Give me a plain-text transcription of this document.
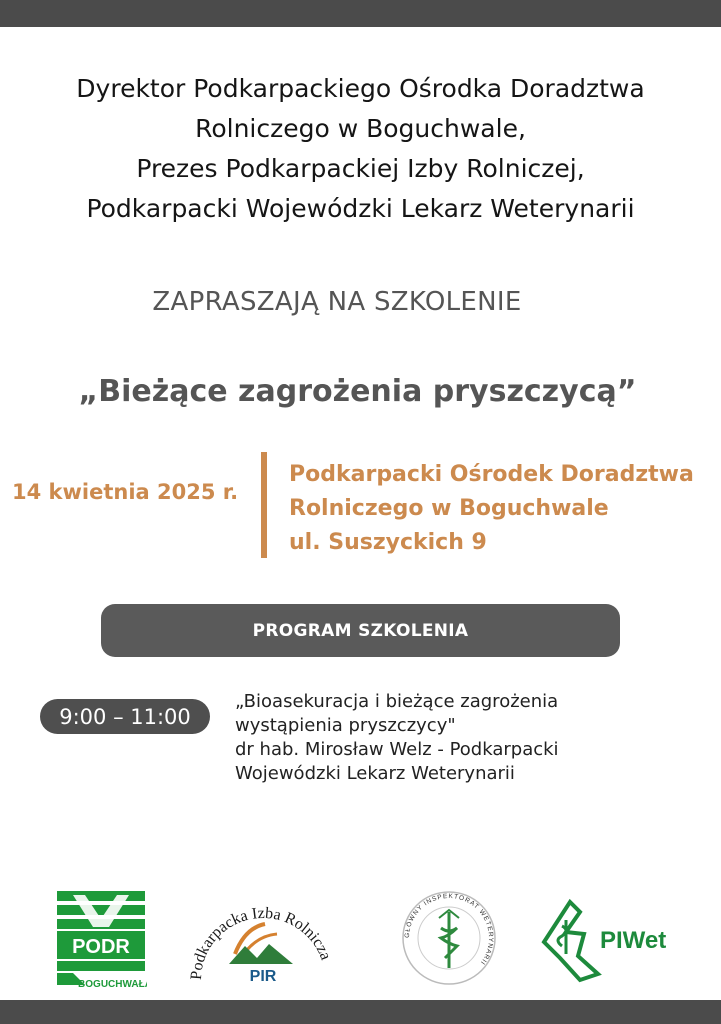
Dyrektor Podkarpackiego Ośrodka Doradztwa
Rolniczego w Boguchwale,
Prezes Podkarpackiej Izby Rolniczej,
Podkarpacki Wojewódzki Lekarz Weterynarii
ZAPRASZAJĄ NA SZKOLENIE
„Bieżące zagrożenia pryszczycą”
14 kwietnia 2025 r.
Podkarpacki Ośrodek Doradztwa
Rolniczego w Boguchwale
ul. Suszyckich 9
PROGRAM SZKOLENIA
9:00 – 11:00
„Bioasekuracja i bieżące zagrożenia
wystąpienia pryszczycy"
dr hab. Mirosław Welz - Podkarpacki
Wojewódzki Lekarz Weterynarii
PODR
BOGUCHWAŁA
Podkarpacka Izba Rolnicza
PIR
GŁÓWNY INSPEKTORAT WETERYNARII
PIWet
